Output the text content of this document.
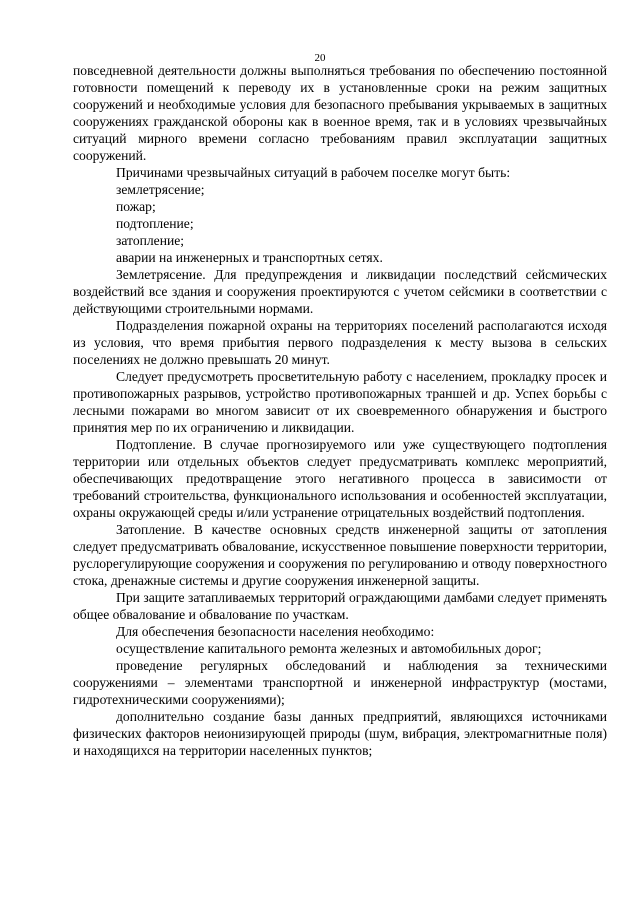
20

повседневной деятельности должны выполняться требования по обеспечению постоянной готовности помещений к переводу их в установленные сроки на режим защитных сооружений и необходимые условия для безопасного пребывания укрываемых в защитных сооружениях гражданской обороны как в военное время, так и в условиях чрезвычайных ситуаций мирного времени согласно требованиям правил эксплуатации защитных сооружений.

Причинами чрезвычайных ситуаций в рабочем поселке могут быть:

землетрясение;

пожар;

подтопление;

затопление;

аварии на инженерных и транспортных сетях.

Землетрясение. Для предупреждения и ликвидации последствий сейсмических воздействий все здания и сооружения проектируются с учетом сейсмики в соответствии с действующими строительными нормами.

Подразделения пожарной охраны на территориях поселений располагаются исходя из условия, что время прибытия первого подразделения к месту вызова в сельских поселениях не должно превышать 20 минут.

Следует предусмотреть просветительную работу с населением, прокладку просек и противопожарных разрывов, устройство противопожарных траншей и др. Успех борьбы с лесными пожарами во многом зависит от их своевременного обнаружения и быстрого принятия мер по их ограничению и ликвидации.

Подтопление. В случае прогнозируемого или уже существующего подтопления территории или отдельных объектов следует предусматривать комплекс мероприятий, обеспечивающих предотвращение этого негативного процесса в зависимости от требований строительства, функционального использования и особенностей эксплуатации, охраны окружающей среды и/или устранение отрицательных воздействий подтопления.

Затопление. В качестве основных средств инженерной защиты от затопления следует предусматривать обвалование, искусственное повышение поверхности территории, руслорегулирующие сооружения и сооружения по регулированию и отводу поверхностного стока, дренажные системы и другие сооружения инженерной защиты.

При защите затапливаемых территорий ограждающими дамбами следует применять общее обвалование и обвалование по участкам.

Для обеспечения безопасности населения необходимо:

осуществление капитального ремонта железных и автомобильных дорог;

проведение регулярных обследований и наблюдения за техническими сооружениями – элементами транспортной и инженерной инфраструктур (мостами, гидротехническими сооружениями);

дополнительно создание базы данных предприятий, являющихся источниками физических факторов неионизирующей природы (шум, вибрация, электромагнитные поля) и находящихся на территории населенных пунктов;
